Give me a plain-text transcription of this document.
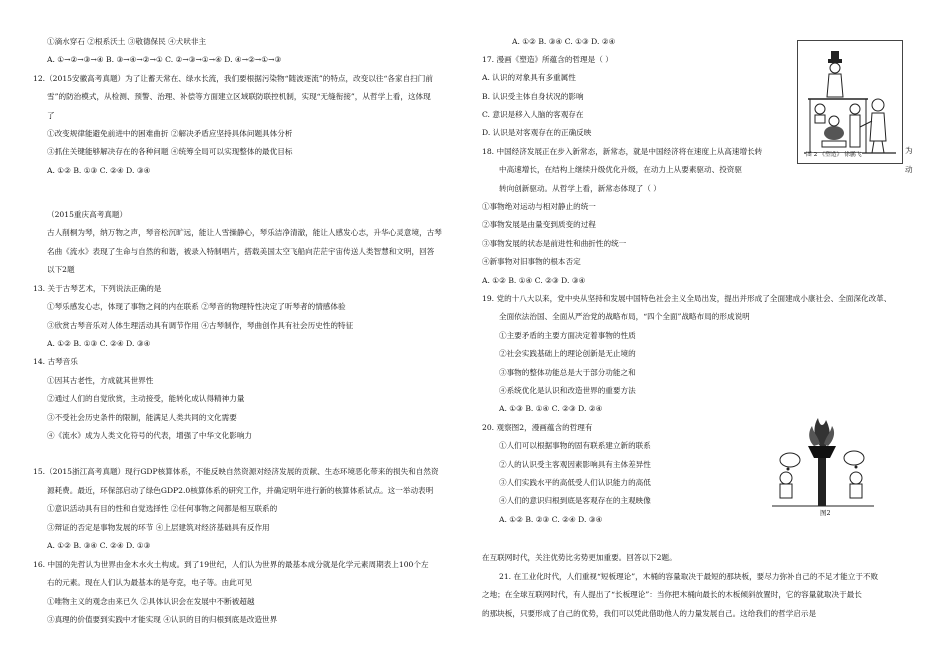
①滴水穿石 ②根系沃土 ③敬德保民 ④犬吠非主
A. ①→②→③→④ B. ③→④→②→① C. ②→③→①→④ D. ④→②→①→③
12.（2015安徽高考真题）为了让蓄天常在、绿水长流，我们要根据污染物“随波逐流”的特点，改变以往“各家自扫门前
雪”的防治模式，从检测、预警、治理、补偿等方面建立区域联防联控机制，实现“无缝衔接”，从哲学上看，这体现
了
①改变规律能避免前进中的困难曲折 ②解决矛盾应坚持具体问题具体分析
③抓住关键能够解决存在的各种问题 ④统筹全局可以实现整体的最优目标
A. ①② B. ①③ C. ②④ D. ③④
（2015重庆高考真题）
古人削桐为琴，纳万物之声，琴音松沉旷远，能让人雪操静心，琴乐洁净清澈，能让人感发心志，升华心灵意境，古琴
名曲《流水》表现了生命与自然的和谐，被录入特制唱片，搭载美国太空飞船向茫茫宇宙传送人类智慧和文明，回答
以下2题
13. 关于古琴艺术，下列说法正确的是
①琴乐感发心志，体现了事物之间的内在联系 ②琴音的物理特性决定了听琴者的情感体验
③欣赏古琴音乐对人体生理活动具有调节作用 ④古琴制作，琴曲创作具有社会历史性的特征
A. ①② B. ①③ C. ②④ D. ③④
14. 古琴音乐
①因其古老性，方成就其世界性
②通过人们的自觉欣赏，主动接受，能转化成认得精神力量
③不受社会历史条件的限制，能满足人类共同的文化需要
④《流水》成为人类文化符号的代表，增强了中华文化影响力
15.（2015浙江高考真题）现行GDP核算体系，不能反映自然资源对经济发展的贡献、生态环境恶化带来的损失和自然资
源耗费。最近，环保部启动了绿色GDP2.0核算体系的研究工作，并确定明年进行新的核算体系试点。这一举动表明
①意识活动具有目的性和自觉选择性 ②任何事物之间都是相互联系的
③辩证的否定是事物发展的环节 ④上层建筑对经济基础具有反作用
A. ①② B. ③④ C. ②④ D. ①③
16. 中国的先哲认为世界由金木水火土构成。到了19世纪，人们认为世界的最基本成分就是化学元素周期表上100个左
右的元素。现在人们认为最基本的是夸克，电子等。由此可见
①唯物主义的观念由来已久 ②具体认识会在发展中不断被超越
③真理的价值要到实践中才能实现 ④认识的目的归根到底是改造世界
A. ①② B. ③④ C. ①③ D. ②④
17. 漫画《塑造》所蕴含的哲理是（ ）
A. 认识的对象具有多重属性
B. 认识受主体自身状况的影响
C. 意识是移入人脑的客观存在
D. 认识是对客观存在的正确反映
18. 中国经济发展正在步入新常态，新常态，就是中国经济将在速度上从高速增长转
中高速增长，在结构上继续升级优化升级，在动力上从要素驱动、投资驱
转向创新驱动。从哲学上看，新常态体现了（ ）
①事物绝对运动与相对静止的统一
②事物发展是由量变到质变的过程
③事物发展的状态是前进性和曲折性的统一
④新事物对旧事物的根本否定
A. ①② B. ①④ C. ②③ D. ③④
19. 党的十八大以来，党中央从坚持和发展中国特色社会主义全局出发，提出并形成了全面建成小康社会、全面深化改革、
全面依法治国、全面从严治党的战略布局，“四个全面”战略布局的形成说明
①主要矛盾的主要方面决定着事物的性质
②社会实践基础上的理论创新是无止境的
③事物的整体功能总是大于部分功能之和
④系统优化是认识和改造世界的重要方法
A. ①③ B. ①④ C. ②③ D. ②④
20. 观察图2，漫画蕴含的哲理有
①人们可以根据事物的固有联系建立新的联系
②人的认识受主客观因素影响具有主体差异性
③人们实践水平的高低受人们认识能力的高低
④人们的意识归根到底是客观存在的主观映像
A. ①② B. ②③ C. ②④ D. ③④
在互联网时代，关注优势比劣势更加重要。回答以下2题。
21. 在工业化时代，人们重视“短板理论”，木桶的容量取决于最短的那块板，要尽力弥补自己的不足才能立于不败
之地；在全球互联网时代，有人提出了“长板理论”：当你把木桶向最长的木板倾斜放置时，它的容量就取决于最长
的那块板，只要形成了自己的优势，我们可以凭此借助他人的力量发展自己。这给我们的哲学启示是
图 2 《塑造》 徐鹏飞	为
动
图2
